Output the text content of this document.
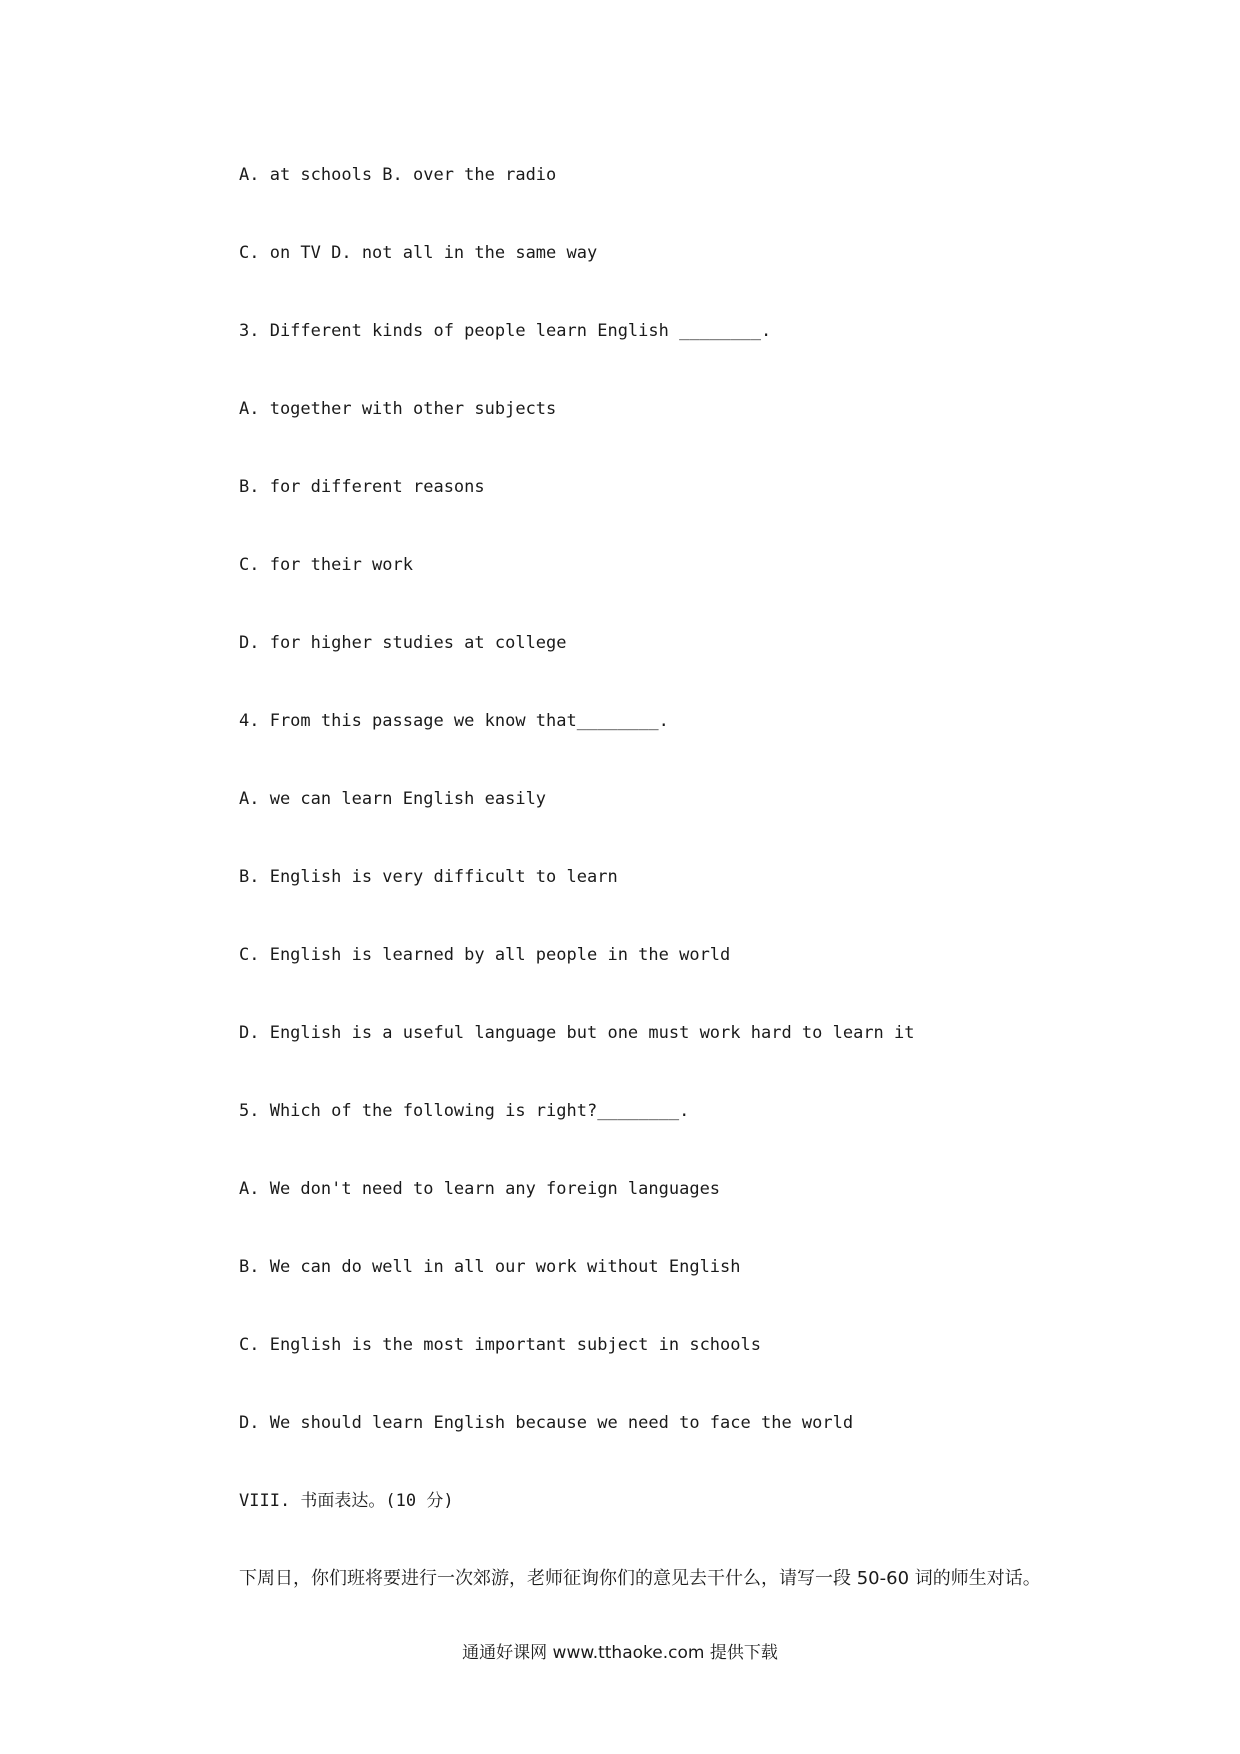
A. at schools B. over the radio
C. on TV D. not all in the same way
3. Different kinds of people learn English ________.
A. together with other subjects
B. for different reasons
C. for their work
D. for higher studies at college
4. From this passage we know that________.
A. we can learn English easily
B. English is very difficult to learn
C. English is learned by all people in the world
D. English is a useful language but one must work hard to learn it
5. Which of the following is right?________.
A. We don't need to learn any foreign languages
B. We can do well in all our work without English
C. English is the most important subject in schools
D. We should learn English because we need to face the world
VIII. 书面表达。(10 分)
下周日，你们班将要进行一次郊游，老师征询你们的意见去干什么，请写一段 50-60 词的师生对话。
通通好课网 www.tthaoke.com 提供下载
